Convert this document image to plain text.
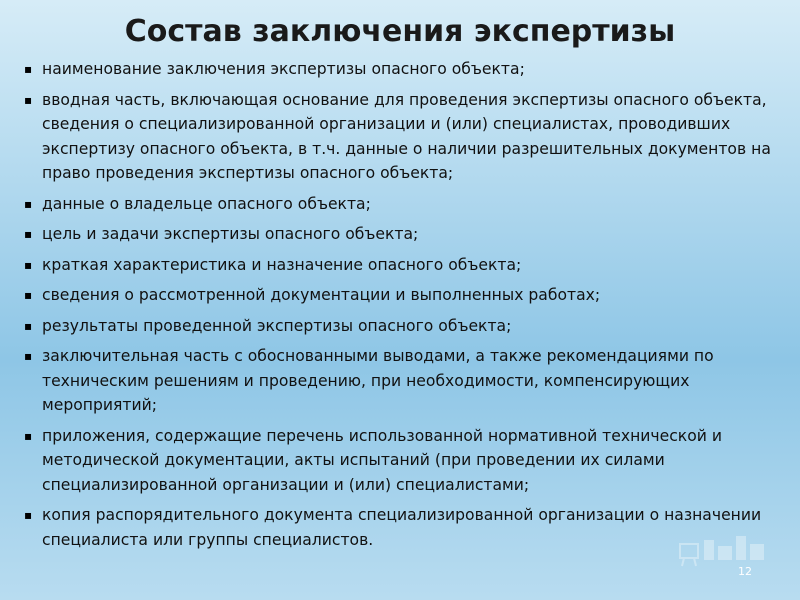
Состав заключения экспертизы
▪ наименование заключения экспертизы опасного объекта;
▪ вводная часть, включающая основание для проведения экспертизы опасного объекта, сведения о специализированной организации и (или) специалистах, проводивших экспертизу опасного объекта, в т.ч. данные о наличии разрешительных документов на право проведения экспертизы опасного объекта;
▪ данные о владельце опасного объекта;
▪ цель и задачи экспертизы опасного объекта;
▪ краткая характеристика и назначение опасного объекта;
▪ сведения о рассмотренной документации и выполненных работах;
▪ результаты проведенной экспертизы опасного объекта;
▪ заключительная часть с обоснованными выводами, а также рекомендациями по техническим решениям и проведению, при необходимости, компенсирующих мероприятий;
▪ приложения, содержащие перечень использованной нормативной технической и методической документации, акты испытаний (при проведении их силами специализированной организации и (или) специалистами;
▪ копия распорядительного документа специализированной организации о назначении специалиста или группы специалистов.
12
